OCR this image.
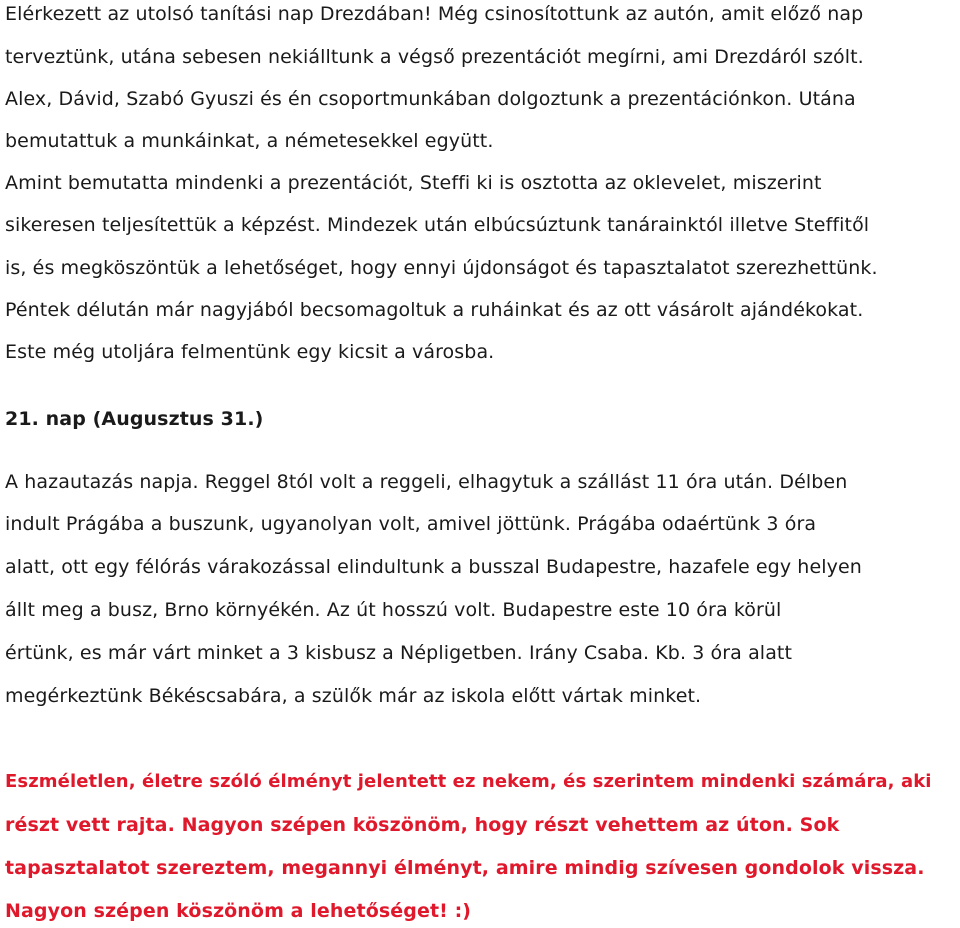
Elérkezett az utolsó tanítási nap Drezdában! Még csinosítottunk az autón, amit előző nap
terveztünk, utána sebesen nekiálltunk a végső prezentációt megírni, ami Drezdáról szólt.
Alex, Dávid, Szabó Gyuszi és én csoportmunkában dolgoztunk a prezentációnkon. Utána
bemutattuk a munkáinkat, a németesekkel együtt.
Amint bemutatta mindenki a prezentációt, Steffi ki is osztotta az oklevelet, miszerint
sikeresen teljesítettük a képzést. Mindezek után elbúcsúztunk tanárainktól illetve Steffitől
is, és megköszöntük a lehetőséget, hogy ennyi újdonságot és tapasztalatot szerezhettünk.
Péntek délután már nagyjából becsomagoltuk a ruháinkat és az ott vásárolt ajándékokat.
Este még utoljára felmentünk egy kicsit a városba.
21. nap (Augusztus 31.)
A hazautazás napja. Reggel 8tól volt a reggeli, elhagytuk a szállást 11 óra után. Délben
indult Prágába a buszunk, ugyanolyan volt, amivel jöttünk. Prágába odaértünk 3 óra
alatt, ott egy félórás várakozással elindultunk a busszal Budapestre, hazafele egy helyen
állt meg a busz, Brno környékén. Az út hosszú volt. Budapestre este 10 óra körül
értünk, es már várt minket a 3 kisbusz a Népligetben. Irány Csaba. Kb. 3 óra alatt
megérkeztünk Békéscsabára, a szülők már az iskola előtt vártak minket.
Eszméletlen, életre szóló élményt jelentett ez nekem, és szerintem mindenki számára, aki
részt vett rajta. Nagyon szépen köszönöm, hogy részt vehettem az úton. Sok
tapasztalatot szereztem, megannyi élményt, amire mindig szívesen gondolok vissza.
Nagyon szépen köszönöm a lehetőséget! :)
